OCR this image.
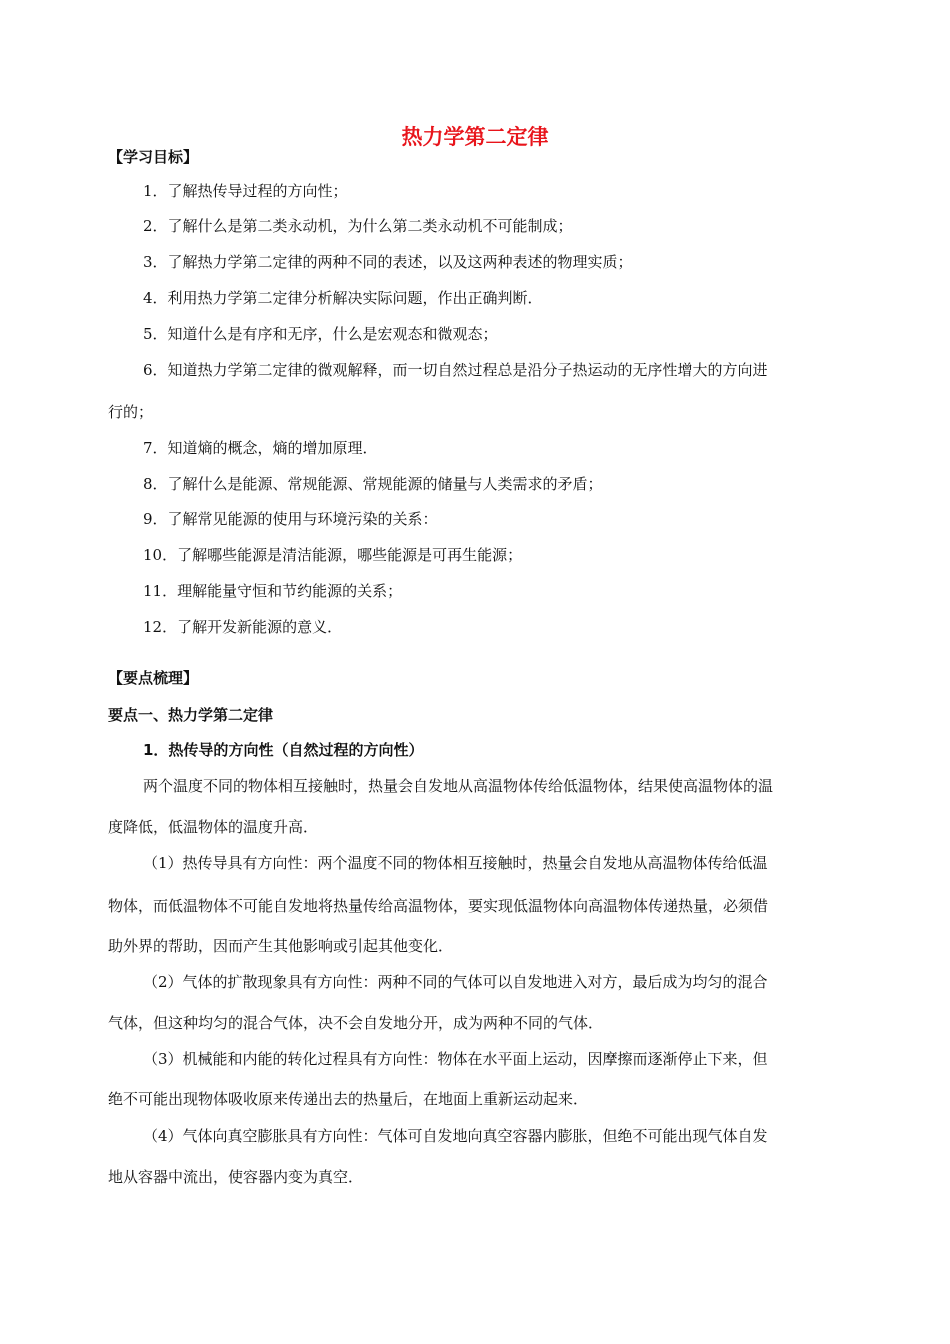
热力学第二定律
【学习目标】
1．了解热传导过程的方向性；
2．了解什么是第二类永动机，为什么第二类永动机不可能制成；
3．了解热力学第二定律的两种不同的表述，以及这两种表述的物理实质；
4．利用热力学第二定律分析解决实际问题，作出正确判断．
5．知道什么是有序和无序，什么是宏观态和微观态；
6．知道热力学第二定律的微观解释，而一切自然过程总是沿分子热运动的无序性增大的方向进
行的；
7．知道熵的概念，熵的增加原理．
8．了解什么是能源、常规能源、常规能源的储量与人类需求的矛盾；
9．了解常见能源的使用与环境污染的关系：
10．了解哪些能源是清洁能源，哪些能源是可再生能源；
11．理解能量守恒和节约能源的关系；
12．了解开发新能源的意义．
【要点梳理】
要点一、热力学第二定律
1．热传导的方向性（自然过程的方向性）
两个温度不同的物体相互接触时，热量会自发地从高温物体传给低温物体，结果使高温物体的温
度降低，低温物体的温度升高．
（1）热传导具有方向性：两个温度不同的物体相互接触时，热量会自发地从高温物体传给低温
物体，而低温物体不可能自发地将热量传给高温物体，要实现低温物体向高温物体传递热量，必须借
助外界的帮助，因而产生其他影响或引起其他变化．
（2）气体的扩散现象具有方向性：两种不同的气体可以自发地进入对方，最后成为均匀的混合
气体，但这种均匀的混合气体，决不会自发地分开，成为两种不同的气体．
（3）机械能和内能的转化过程具有方向性：物体在水平面上运动，因摩擦而逐渐停止下来，但
绝不可能出现物体吸收原来传递出去的热量后，在地面上重新运动起来．
（4）气体向真空膨胀具有方向性：气体可自发地向真空容器内膨胀，但绝不可能出现气体自发
地从容器中流出，使容器内变为真空．
